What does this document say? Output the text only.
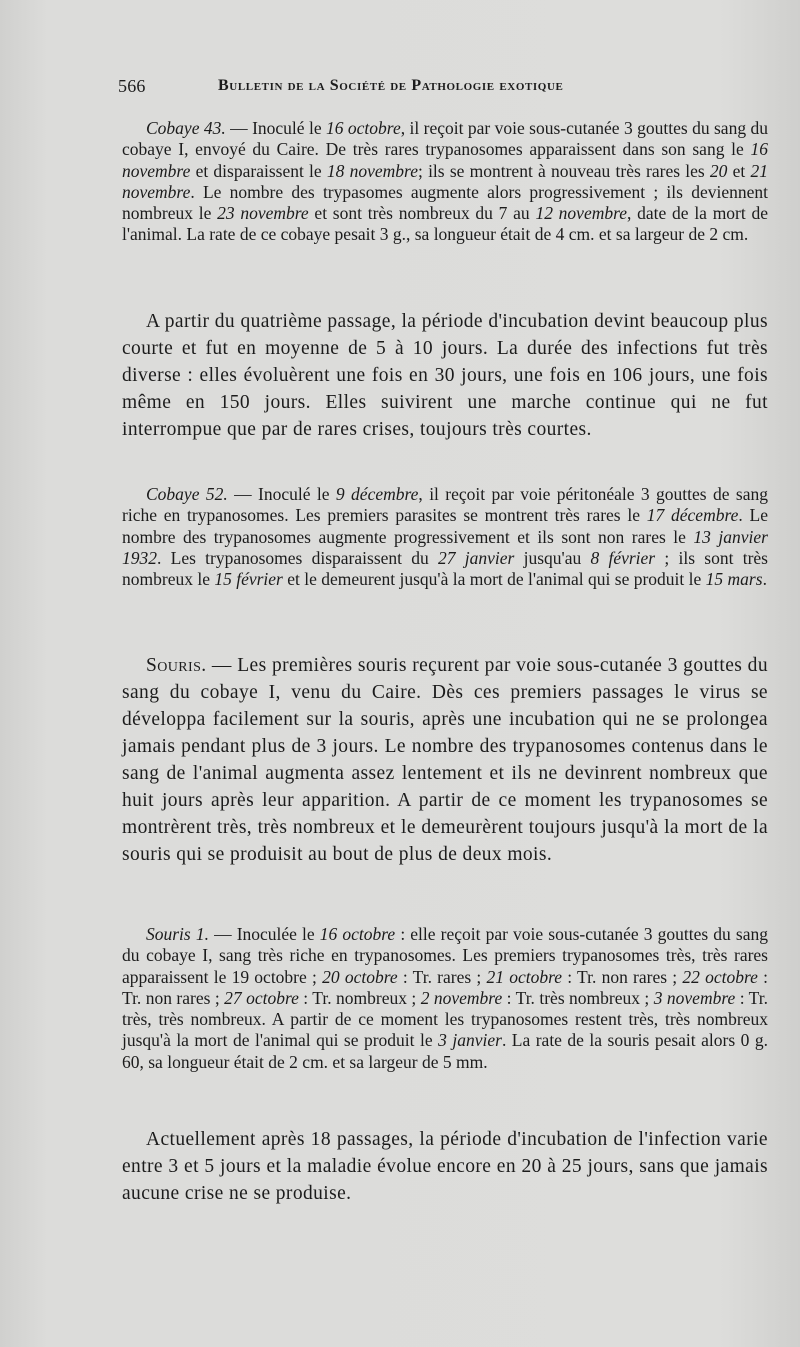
566	Bulletin de la Société de Pathologie exotique

Cobaye 43. — Inoculé le 16 octobre, il reçoit par voie sous-cutanée 3 gouttes du sang du cobaye I, envoyé du Caire. De très rares trypanosomes apparaissent dans son sang le 16 novembre et disparaissent le 18 novembre; ils se montrent à nouveau très rares les 20 et 21 novembre. Le nombre des trypasomes augmente alors progressivement ; ils deviennent nombreux le 23 novembre et sont très nombreux du 7 au 12 novembre, date de la mort de l'animal. La rate de ce cobaye pesait 3 g., sa longueur était de 4 cm. et sa largeur de 2 cm.

A partir du quatrième passage, la période d'incubation devint beaucoup plus courte et fut en moyenne de 5 à 10 jours. La durée des infections fut très diverse : elles évoluèrent une fois en 30 jours, une fois en 106 jours, une fois même en 150 jours. Elles suivirent une marche continue qui ne fut interrompue que par de rares crises, toujours très courtes.

Cobaye 52. — Inoculé le 9 décembre, il reçoit par voie péritonéale 3 gouttes de sang riche en trypanosomes. Les premiers parasites se montrent très rares le 17 décembre. Le nombre des trypanosomes augmente progressivement et ils sont non rares le 13 janvier 1932. Les trypanosomes disparaissent du 27 janvier jusqu'au 8 février ; ils sont très nombreux le 15 février et le demeurent jusqu'à la mort de l'animal qui se produit le 15 mars.

Souris. — Les premières souris reçurent par voie sous-cutanée 3 gouttes du sang du cobaye I, venu du Caire. Dès ces premiers passages le virus se développa facilement sur la souris, après une incubation qui ne se prolongea jamais pendant plus de 3 jours. Le nombre des trypanosomes contenus dans le sang de l'animal augmenta assez lentement et ils ne devinrent nombreux que huit jours après leur apparition. A partir de ce moment les trypanosomes se montrèrent très, très nombreux et le demeurèrent toujours jusqu'à la mort de la souris qui se produisit au bout de plus de deux mois.

Souris 1. — Inoculée le 16 octobre : elle reçoit par voie sous-cutanée 3 gouttes du sang du cobaye I, sang très riche en trypanosomes. Les premiers trypanosomes très, très rares apparaissent le 19 octobre ; 20 octobre : Tr. rares ; 21 octobre : Tr. non rares ; 22 octobre : Tr. non rares ; 27 octobre : Tr. nombreux ; 2 novembre : Tr. très nombreux ; 3 novembre : Tr. très, très nombreux. A partir de ce moment les trypanosomes restent très, très nombreux jusqu'à la mort de l'animal qui se produit le 3 janvier. La rate de la souris pesait alors 0 g. 60, sa longueur était de 2 cm. et sa largeur de 5 mm.

Actuellement après 18 passages, la période d'incubation de l'infection varie entre 3 et 5 jours et la maladie évolue encore en 20 à 25 jours, sans que jamais aucune crise ne se produise.
